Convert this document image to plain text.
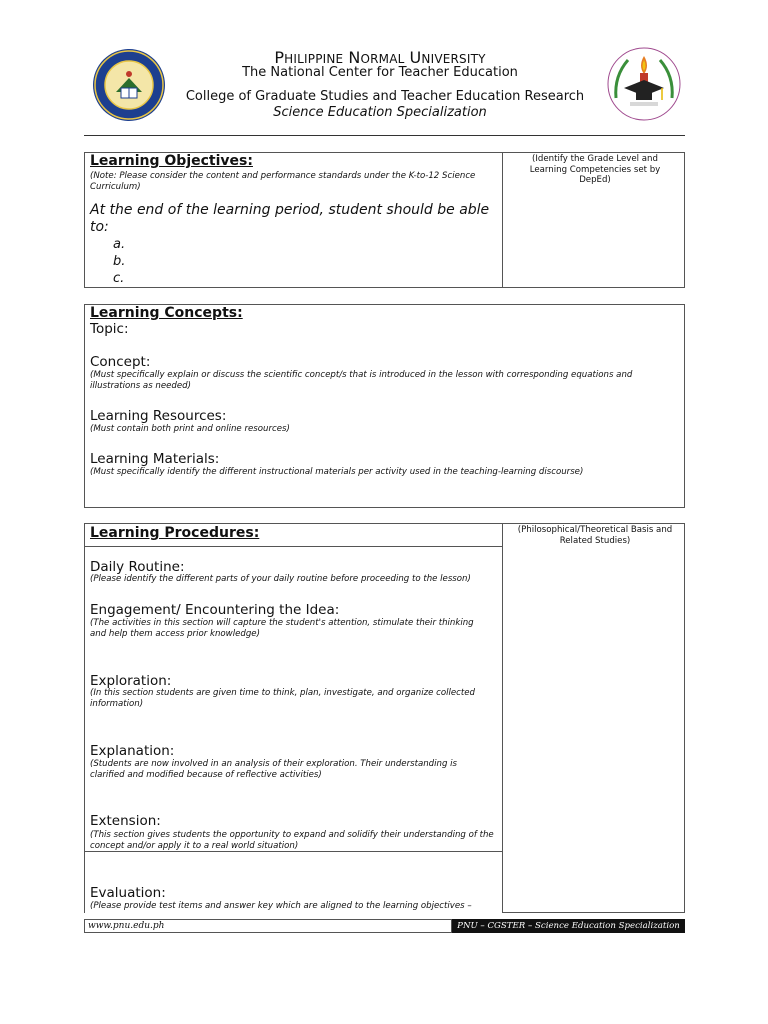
PHILIPPINE NORMAL UNIVERSITY
The National Center for Teacher Education
College of Graduate Studies and Teacher Education Research
Science Education Specialization
Learning Objectives:
(Note: Please consider the content and performance standards under the K-to-12 Science Curriculum)
At the end of the learning period, student should be able to:
a.
b.
c.
(Identify the Grade Level and Learning Competencies set by DepEd)
Learning Concepts:
Topic:
Concept:
(Must specifically explain or discuss the scientific concept/s that is introduced in the lesson with corresponding equations and illustrations as needed)
Learning Resources:
(Must contain both print and online resources)
Learning Materials:
(Must specifically identify the different instructional materials per activity used in the teaching-learning discourse)
Learning Procedures:	(Philosophical/Theoretical Basis and Related Studies)
Daily Routine:
(Please identify the different parts of your daily routine before proceeding to the lesson)
Engagement/ Encountering the Idea:
(The activities in this section will capture the student's attention, stimulate their thinking and help them access prior knowledge)
Exploration:
(In this section students are given time to think, plan, investigate, and organize collected information)
Explanation:
(Students are now involved in an analysis of their exploration. Their understanding is clarified and modified because of reflective activities)
Extension:
(This section gives students the opportunity to expand and solidify their understanding of the concept and/or apply it to a real world situation)
Evaluation:
(Please provide test items and answer key which are aligned to the learning objectives –
www.pnu.edu.ph	PNU – CGSTER – Science Education Specialization
